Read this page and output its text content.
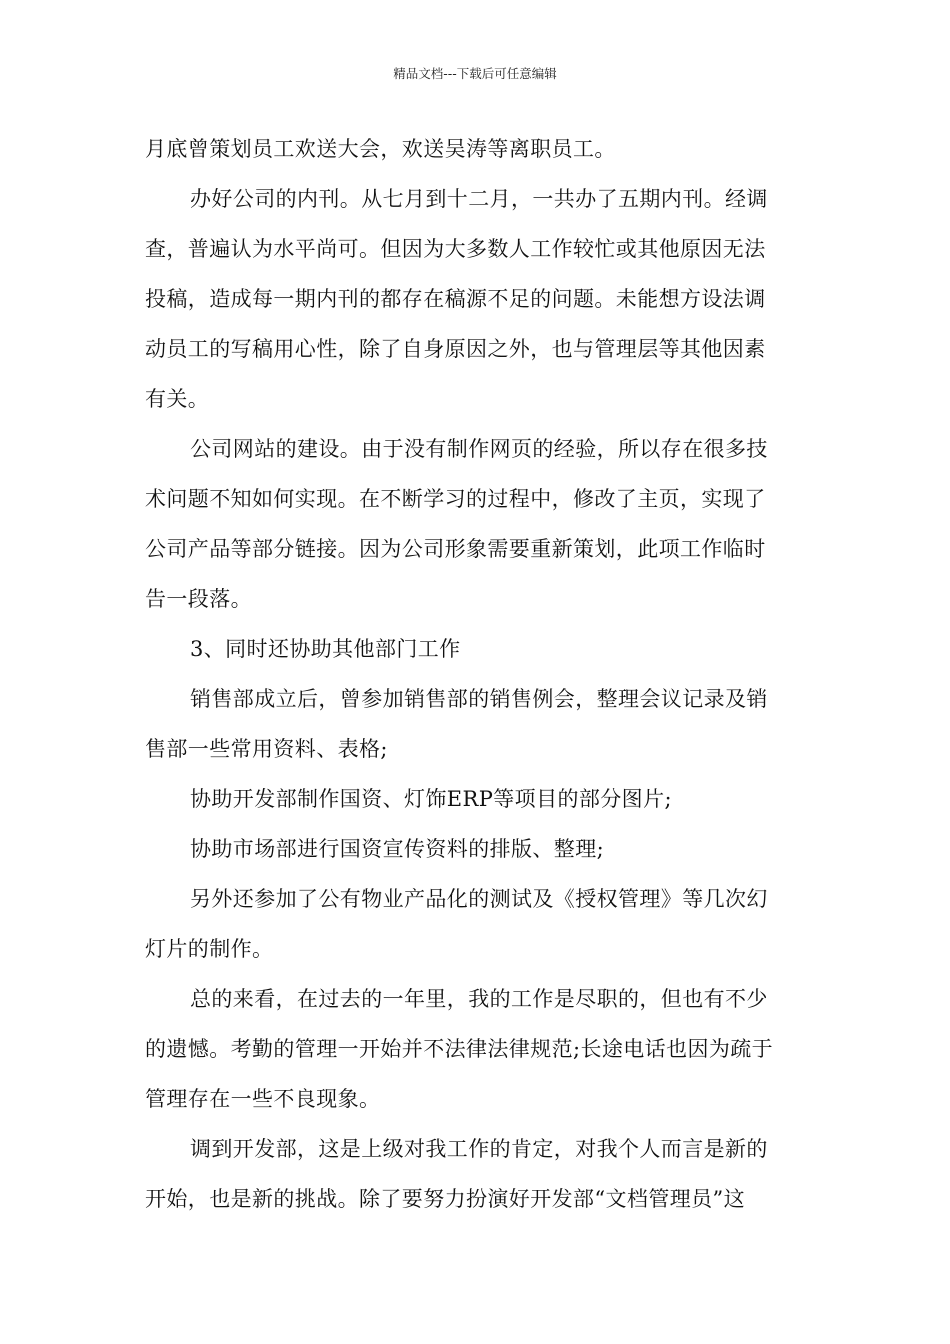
精品文档---下载后可任意编辑
月底曾策划员工欢送大会，欢送吴涛等离职员工。
办好公司的内刊。从七月到十二月，一共办了五期内刊。经调
查，普遍认为水平尚可。但因为大多数人工作较忙或其他原因无法
投稿，造成每一期内刊的都存在稿源不足的问题。未能想方设法调
动员工的写稿用心性，除了自身原因之外，也与管理层等其他因素
有关。
公司网站的建设。由于没有制作网页的经验，所以存在很多技
术问题不知如何实现。在不断学习的过程中，修改了主页，实现了
公司产品等部分链接。因为公司形象需要重新策划，此项工作临时
告一段落。
3、同时还协助其他部门工作
销售部成立后，曾参加销售部的销售例会，整理会议记录及销
售部一些常用资料、表格;
协助开发部制作国资、灯饰ERP等项目的部分图片;
协助市场部进行国资宣传资料的排版、整理;
另外还参加了公有物业产品化的测试及《授权管理》等几次幻
灯片的制作。
总的来看，在过去的一年里，我的工作是尽职的，但也有不少
的遗憾。考勤的管理一开始并不法律法律规范;长途电话也因为疏于
管理存在一些不良现象。
调到开发部，这是上级对我工作的肯定，对我个人而言是新的
开始，也是新的挑战。除了要努力扮演好开发部“文档管理员”这
